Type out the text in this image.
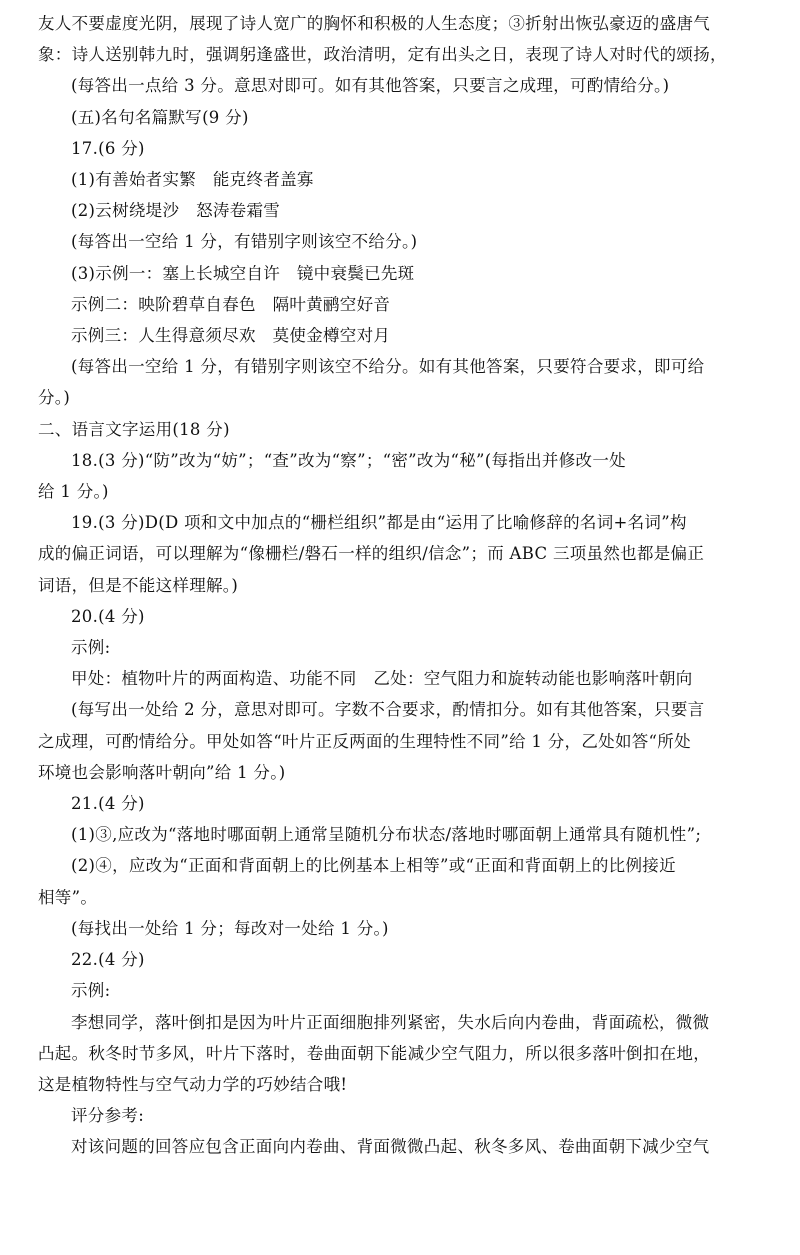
友人不要虚度光阴，展现了诗人宽广的胸怀和积极的人生态度；③折射出恢弘豪迈的盛唐气

象：诗人送别韩九时，强调躬逢盛世，政治清明，定有出头之日，表现了诗人对时代的颂扬，

(每答出一点给 3 分。意思对即可。如有其他答案，只要言之成理，可酌情给分。)

(五)名句名篇默写(9 分)

17.(6 分)

(1)有善始者实繁　能克终者盖寡

(2)云树绕堤沙　怒涛卷霜雪

(每答出一空给 1 分，有错别字则该空不给分。)

(3)示例一：塞上长城空自许　镜中衰鬓已先斑

示例二：映阶碧草自春色　隔叶黄鹂空好音

示例三：人生得意须尽欢　莫使金樽空对月

(每答出一空给 1 分，有错别字则该空不给分。如有其他答案，只要符合要求，即可给

分。)

二、语言文字运用(18 分)

18.(3 分)“防”改为“妨”；“查”改为“察”；“密”改为“秘”(每指出并修改一处

给 1 分。)

19.(3 分)D(D 项和文中加点的“栅栏组织”都是由“运用了比喻修辞的名词+名词”构

成的偏正词语，可以理解为“像栅栏/磐石一样的组织/信念”；而 ABC 三项虽然也都是偏正

词语，但是不能这样理解。)

20.(4 分)

示例:

甲处：植物叶片的两面构造、功能不同　乙处：空气阻力和旋转动能也影响落叶朝向

(每写出一处给 2 分，意思对即可。字数不合要求，酌情扣分。如有其他答案，只要言

之成理，可酌情给分。甲处如答“叶片正反两面的生理特性不同”给 1 分，乙处如答“所处

环境也会影响落叶朝向”给 1 分。)

21.(4 分)

(1)③,应改为“落地时哪面朝上通常呈随机分布状态/落地时哪面朝上通常具有随机性”;

(2)④，应改为“正面和背面朝上的比例基本上相等”或“正面和背面朝上的比例接近

相等”。

(每找出一处给 1 分；每改对一处给 1 分。)

22.(4 分)

示例:

李想同学，落叶倒扣是因为叶片正面细胞排列紧密，失水后向内卷曲，背面疏松，微微

凸起。秋冬时节多风，叶片下落时，卷曲面朝下能减少空气阻力，所以很多落叶倒扣在地，

这是植物特性与空气动力学的巧妙结合哦!

评分参考:

对该问题的回答应包含正面向内卷曲、背面微微凸起、秋冬多风、卷曲面朝下减少空气
